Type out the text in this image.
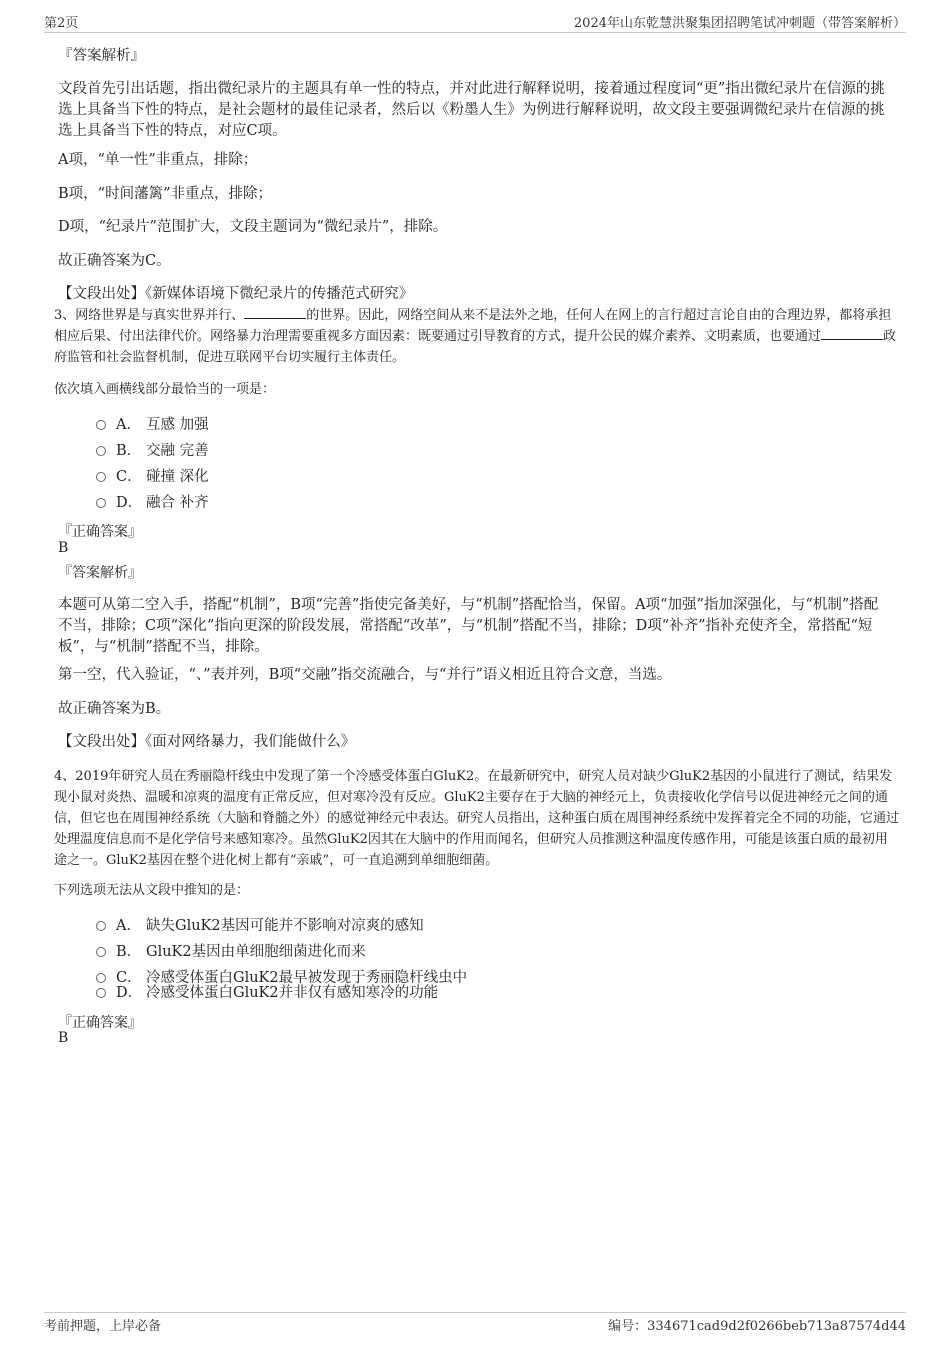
第2页	2024年山东乾慧洪聚集团招聘笔试冲刺题（带答案解析）
『答案解析』
文段首先引出话题，指出微纪录片的主题具有单一性的特点，并对此进行解释说明，接着通过程度词“更”指出微纪录片在信源的挑选上具备当下性的特点，是社会题材的最佳记录者，然后以《粉墨人生》为例进行解释说明，故文段主要强调微纪录片在信源的挑选上具备当下性的特点，对应C项。
A项，“单一性”非重点，排除；
B项，“时间藩篱”非重点，排除；
D项，“纪录片”范围扩大，文段主题词为“微纪录片”，排除。
故正确答案为C。
【文段出处】《新媒体语境下微纪录片的传播范式研究》
3、网络世界是与真实世界并行、	的世界。因此，网络空间从来不是法外之地，任何人在网上的言行超过言论自由的合理边界，都将承担相应后果、付出法律代价。网络暴力治理需要重视多方面因素：既要通过引导教育的方式，提升公民的媒介素养、文明素质，也要通过	政府监管和社会监督机制，促进互联网平台切实履行主体责任。
依次填入画横线部分最恰当的一项是：
A． 互感 加强
B． 交融 完善
C． 碰撞 深化
D． 融合 补齐
『正确答案』
B
『答案解析』
本题可从第二空入手，搭配“机制”，B项“完善”指使完备美好，与“机制”搭配恰当，保留。A项“加强”指加深强化，与“机制”搭配不当，排除；C项“深化”指向更深的阶段发展，常搭配“改革”，与“机制”搭配不当，排除；D项“补齐”指补充使齐全，常搭配“短板”，与“机制”搭配不当，排除。
第一空，代入验证，“、”表并列，B项“交融”指交流融合，与“并行”语义相近且符合文意，当选。
故正确答案为B。
【文段出处】《面对网络暴力，我们能做什么》
4、2019年研究人员在秀丽隐杆线虫中发现了第一个冷感受体蛋白GluK2。在最新研究中，研究人员对缺少GluK2基因的小鼠进行了测试，结果发现小鼠对炎热、温暖和凉爽的温度有正常反应，但对寒冷没有反应。GluK2主要存在于大脑的神经元上，负责接收化学信号以促进神经元之间的通信，但它也在周围神经系统（大脑和脊髓之外）的感觉神经元中表达。研究人员指出，这种蛋白质在周围神经系统中发挥着完全不同的功能，它通过处理温度信息而不是化学信号来感知寒冷。虽然GluK2因其在大脑中的作用而闻名，但研究人员推测这种温度传感作用，可能是该蛋白质的最初用途之一。GluK2基因在整个进化树上都有“亲戚”，可一直追溯到单细胞细菌。
下列选项无法从文段中推知的是：
A． 缺失GluK2基因可能并不影响对凉爽的感知
B． GluK2基因由单细胞细菌进化而来
C． 冷感受体蛋白GluK2最早被发现于秀丽隐杆线虫中
D． 冷感受体蛋白GluK2并非仅有感知寒冷的功能
『正确答案』
B
考前押题，上岸必备	编号：334671cad9d2f0266beb713a87574d44
